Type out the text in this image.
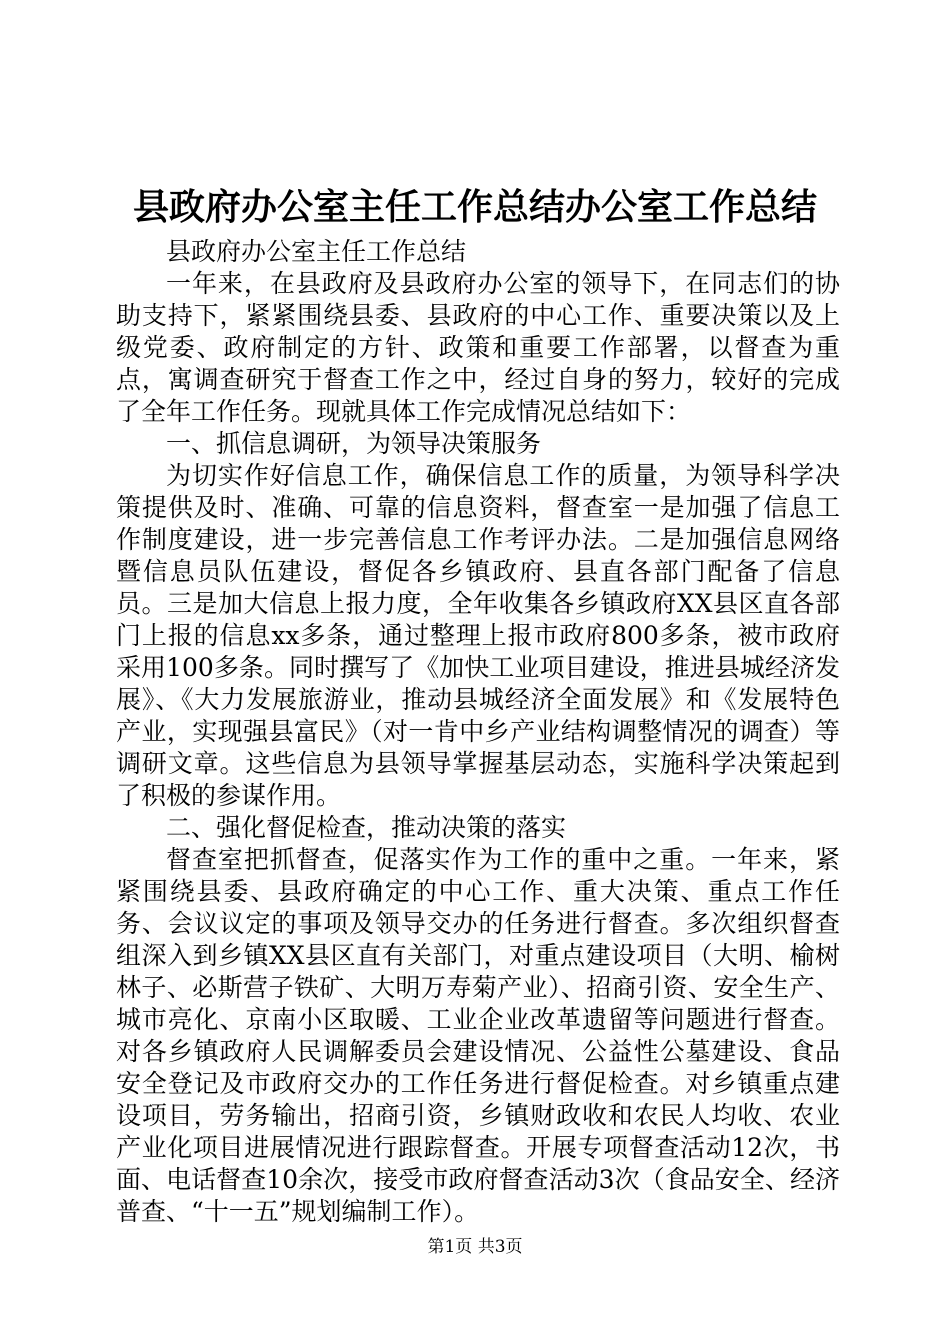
县政府办公室主任工作总结办公室工作总结

县政府办公室主任工作总结

一年来，在县政府及县政府办公室的领导下，在同志们的协助支持下，紧紧围绕县委、县政府的中心工作、重要决策以及上级党委、政府制定的方针、政策和重要工作部署，以督查为重点，寓调查研究于督查工作之中，经过自身的努力，较好的完成了全年工作任务。现就具体工作完成情况总结如下：

一、抓信息调研，为领导决策服务

为切实作好信息工作，确保信息工作的质量，为领导科学决策提供及时、准确、可靠的信息资料，督查室一是加强了信息工作制度建设，进一步完善信息工作考评办法。二是加强信息网络暨信息员队伍建设，督促各乡镇政府、县直各部门配备了信息员。三是加大信息上报力度，全年收集各乡镇政府XX县区直各部门上报的信息xx多条，通过整理上报市政府800多条，被市政府采用100多条。同时撰写了《加快工业项目建设，推进县城经济发展》、《大力发展旅游业，推动县城经济全面发展》和《发展特色产业，实现强县富民》（对一肯中乡产业结构调整情况的调查）等调研文章。这些信息为县领导掌握基层动态，实施科学决策起到了积极的参谋作用。

二、强化督促检查，推动决策的落实

督查室把抓督查，促落实作为工作的重中之重。一年来，紧紧围绕县委、县政府确定的中心工作、重大决策、重点工作任务、会议议定的事项及领导交办的任务进行督查。多次组织督查组深入到乡镇XX县区直有关部门，对重点建设项目（大明、榆树林子、必斯营子铁矿、大明万寿菊产业）、招商引资、安全生产、城市亮化、京南小区取暖、工业企业改革遗留等问题进行督查。对各乡镇政府人民调解委员会建设情况、公益性公墓建设、食品安全登记及市政府交办的工作任务进行督促检查。对乡镇重点建设项目，劳务输出，招商引资，乡镇财政收和农民人均收、农业产业化项目进展情况进行跟踪督查。开展专项督查活动12次，书面、电话督查10余次，接受市政府督查活动3次（食品安全、经济普查、“十一五”规划编制工作）。

第1页 共3页
